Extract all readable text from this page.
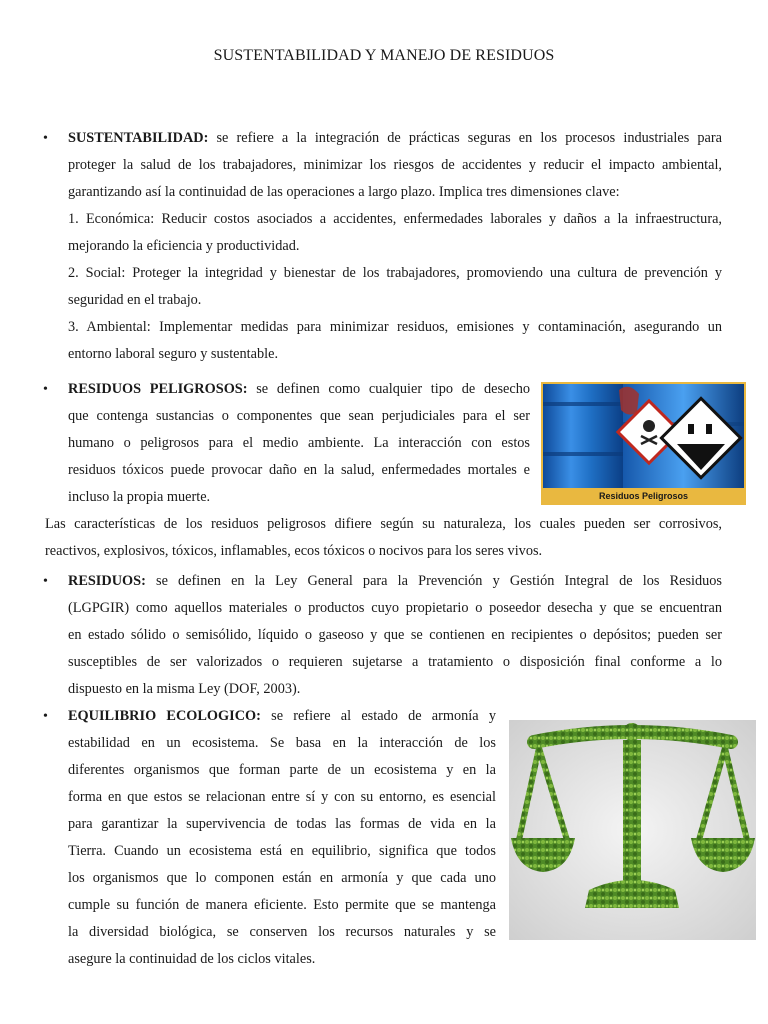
SUSTENTABILIDAD Y MANEJO DE RESIDUOS
• SUSTENTABILIDAD: se refiere a la integración de prácticas seguras en los procesos industriales para
proteger la salud de los trabajadores, minimizar los riesgos de accidentes y reducir el impacto ambiental,
garantizando así la continuidad de las operaciones a largo plazo. Implica tres dimensiones clave:
1. Económica: Reducir costos asociados a accidentes, enfermedades laborales y daños a la infraestructura,
mejorando la eficiencia y productividad.
2. Social: Proteger la integridad y bienestar de los trabajadores, promoviendo una cultura de prevención y
seguridad en el trabajo.
3. Ambiental: Implementar medidas para minimizar residuos, emisiones y contaminación, asegurando un
entorno laboral seguro y sustentable.
• RESIDUOS PELIGROSOS: se definen como cualquier tipo de desecho
que contenga sustancias o componentes que sean perjudiciales para el ser
humano o peligrosos para el medio ambiente. La interacción con estos
residuos tóxicos puede provocar daño en la salud, enfermedades mortales e
incluso la propia muerte.	Residuos Peligrosos
Las características de los residuos peligrosos difiere según su naturaleza, los cuales pueden ser corrosivos,
reactivos, explosivos, tóxicos, inflamables, ecos tóxicos o nocivos para los seres vivos.
• RESIDUOS: se definen en la Ley General para la Prevención y Gestión Integral de los Residuos
(LGPGIR) como aquellos materiales o productos cuyo propietario o poseedor desecha y que se encuentran
en estado sólido o semisólido, líquido o gaseoso y que se contienen en recipientes o depósitos; pueden ser
susceptibles de ser valorizados o requieren sujetarse a tratamiento o disposición final conforme a lo
dispuesto en la misma Ley (DOF, 2003).
• EQUILIBRIO ECOLOGICO: se refiere al estado de armonía y
estabilidad en un ecosistema. Se basa en la interacción de los
diferentes organismos que forman parte de un ecosistema y en la
forma en que estos se relacionan entre sí y con su entorno, es esencial
para garantizar la supervivencia de todas las formas de vida en la
Tierra. Cuando un ecosistema está en equilibrio, significa que todos
los organismos que lo componen están en armonía y que cada uno
cumple su función de manera eficiente. Esto permite que se mantenga
la diversidad biológica, se conserven los recursos naturales y se
asegure la continuidad de los ciclos vitales.
